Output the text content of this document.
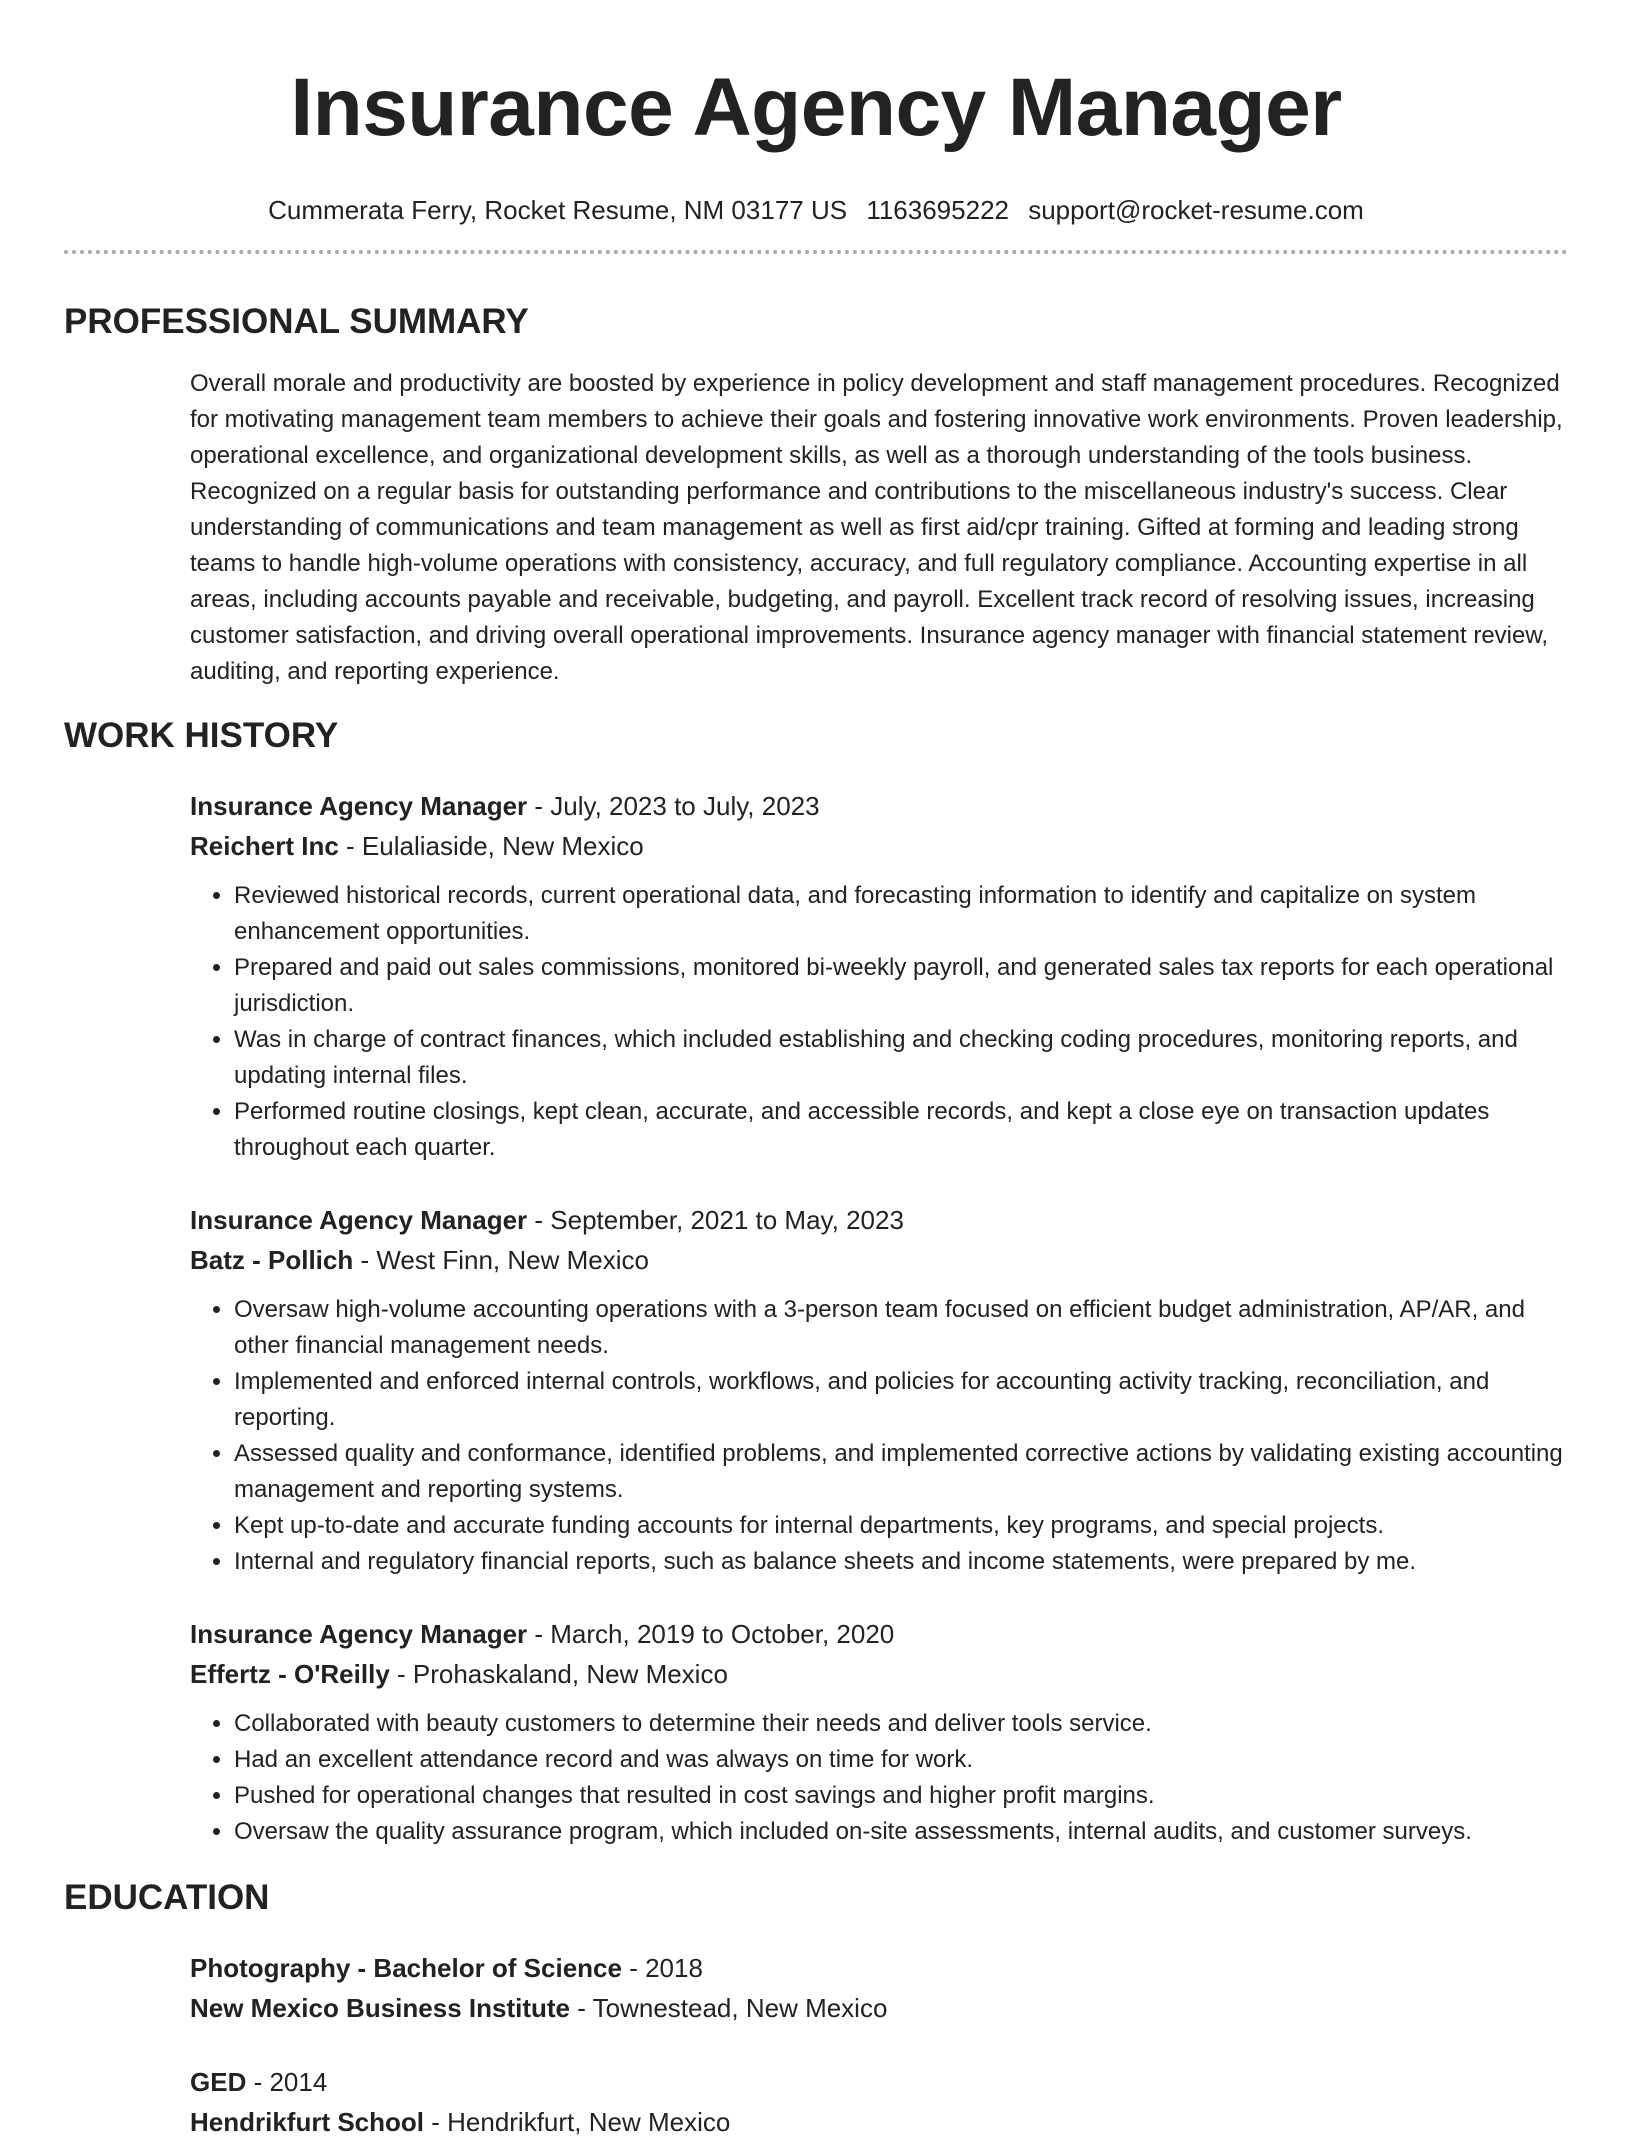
Insurance Agency Manager
Cummerata Ferry, Rocket Resume, NM 03177 US 1163695222 support@rocket-resume.com
PROFESSIONAL SUMMARY

Overall morale and productivity are boosted by experience in policy development and staff management procedures. Recognized for motivating management team members to achieve their goals and fostering innovative work environments. Proven leadership, operational excellence, and organizational development skills, as well as a thorough understanding of the tools business. Recognized on a regular basis for outstanding performance and contributions to the miscellaneous industry's success. Clear understanding of communications and team management as well as first aid/cpr training. Gifted at forming and leading strong teams to handle high-volume operations with consistency, accuracy, and full regulatory compliance. Accounting expertise in all areas, including accounts payable and receivable, budgeting, and payroll. Excellent track record of resolving issues, increasing customer satisfaction, and driving overall operational improvements. Insurance agency manager with financial statement review, auditing, and reporting experience.

WORK HISTORY
Insurance Agency Manager - July, 2023 to July, 2023
Reichert Inc - Eulaliaside, New Mexico
• Reviewed historical records, current operational data, and forecasting information to identify and capitalize on system enhancement opportunities.
• Prepared and paid out sales commissions, monitored bi-weekly payroll, and generated sales tax reports for each operational jurisdiction.
• Was in charge of contract finances, which included establishing and checking coding procedures, monitoring reports, and updating internal files.
• Performed routine closings, kept clean, accurate, and accessible records, and kept a close eye on transaction updates throughout each quarter.
Insurance Agency Manager - September, 2021 to May, 2023
Batz - Pollich - West Finn, New Mexico
• Oversaw high-volume accounting operations with a 3-person team focused on efficient budget administration, AP/AR, and other financial management needs.
• Implemented and enforced internal controls, workflows, and policies for accounting activity tracking, reconciliation, and reporting.
• Assessed quality and conformance, identified problems, and implemented corrective actions by validating existing accounting management and reporting systems.
• Kept up-to-date and accurate funding accounts for internal departments, key programs, and special projects.
• Internal and regulatory financial reports, such as balance sheets and income statements, were prepared by me.
Insurance Agency Manager - March, 2019 to October, 2020
Effertz - O'Reilly - Prohaskaland, New Mexico
• Collaborated with beauty customers to determine their needs and deliver tools service.
• Had an excellent attendance record and was always on time for work.
• Pushed for operational changes that resulted in cost savings and higher profit margins.
• Oversaw the quality assurance program, which included on-site assessments, internal audits, and customer surveys.
EDUCATION
Photography - Bachelor of Science - 2018
New Mexico Business Institute - Townestead, New Mexico
GED - 2014
Hendrikfurt School - Hendrikfurt, New Mexico
